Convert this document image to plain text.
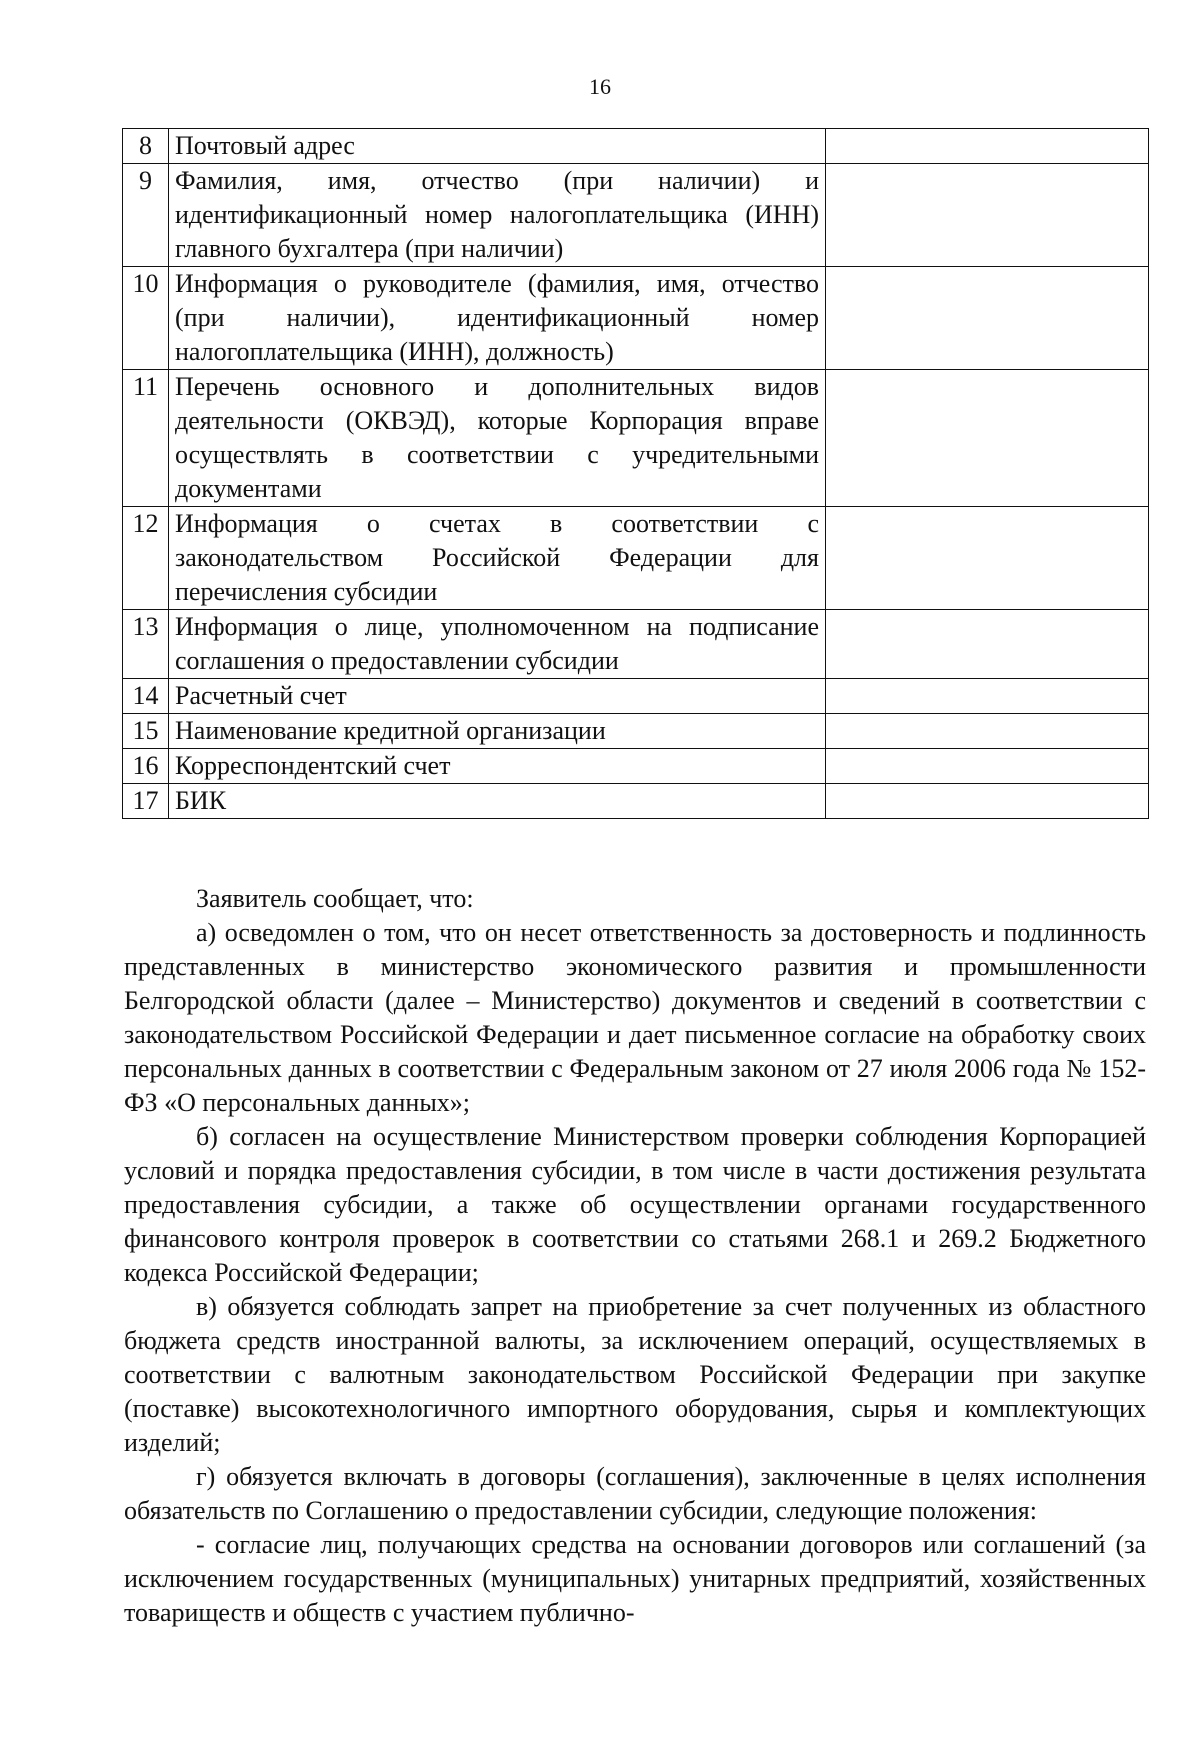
16
8	Почтовый адрес	
9	Фамилия, имя, отчество (при наличии) и идентификационный номер налогоплательщика (ИНН) главного бухгалтера (при наличии)	
10	Информация о руководителе (фамилия, имя, отчество (при наличии), идентификационный номер налогоплательщика (ИНН), должность)	
11	Перечень основного и дополнительных видов деятельности (ОКВЭД), которые Корпорация вправе осуществлять в соответствии с учредительными документами	
12	Информация о счетах в соответствии с законодательством Российской Федерации для перечисления субсидии	
13	Информация о лице, уполномоченном на подписание соглашения о предоставлении субсидии	
14	Расчетный счет	
15	Наименование кредитной организации	
16	Корреспондентский счет	
17	БИК	

Заявитель сообщает, что:

а) осведомлен о том, что он несет ответственность за достоверность и подлинность представленных в министерство экономического развития и промышленности Белгородской области (далее – Министерство) документов и сведений в соответствии с законодательством Российской Федерации и дает письменное согласие на обработку своих персональных данных в соответствии с Федеральным законом от 27 июля 2006 года № 152-ФЗ «О персональных данных»;

б) согласен на осуществление Министерством проверки соблюдения Корпорацией условий и порядка предоставления субсидии, в том числе в части достижения результата предоставления субсидии, а также об осуществлении органами государственного финансового контроля проверок в соответствии со статьями 268.1 и 269.2 Бюджетного кодекса Российской Федерации;

в) обязуется соблюдать запрет на приобретение за счет полученных из областного бюджета средств иностранной валюты, за исключением операций, осуществляемых в соответствии с валютным законодательством Российской Федерации при закупке (поставке) высокотехнологичного импортного оборудования, сырья и комплектующих изделий;

г) обязуется включать в договоры (соглашения), заключенные в целях исполнения обязательств по Соглашению о предоставлении субсидии, следующие положения:

- согласие лиц, получающих средства на основании договоров или соглашений (за исключением государственных (муниципальных) унитарных предприятий, хозяйственных товариществ и обществ с участием публично-
